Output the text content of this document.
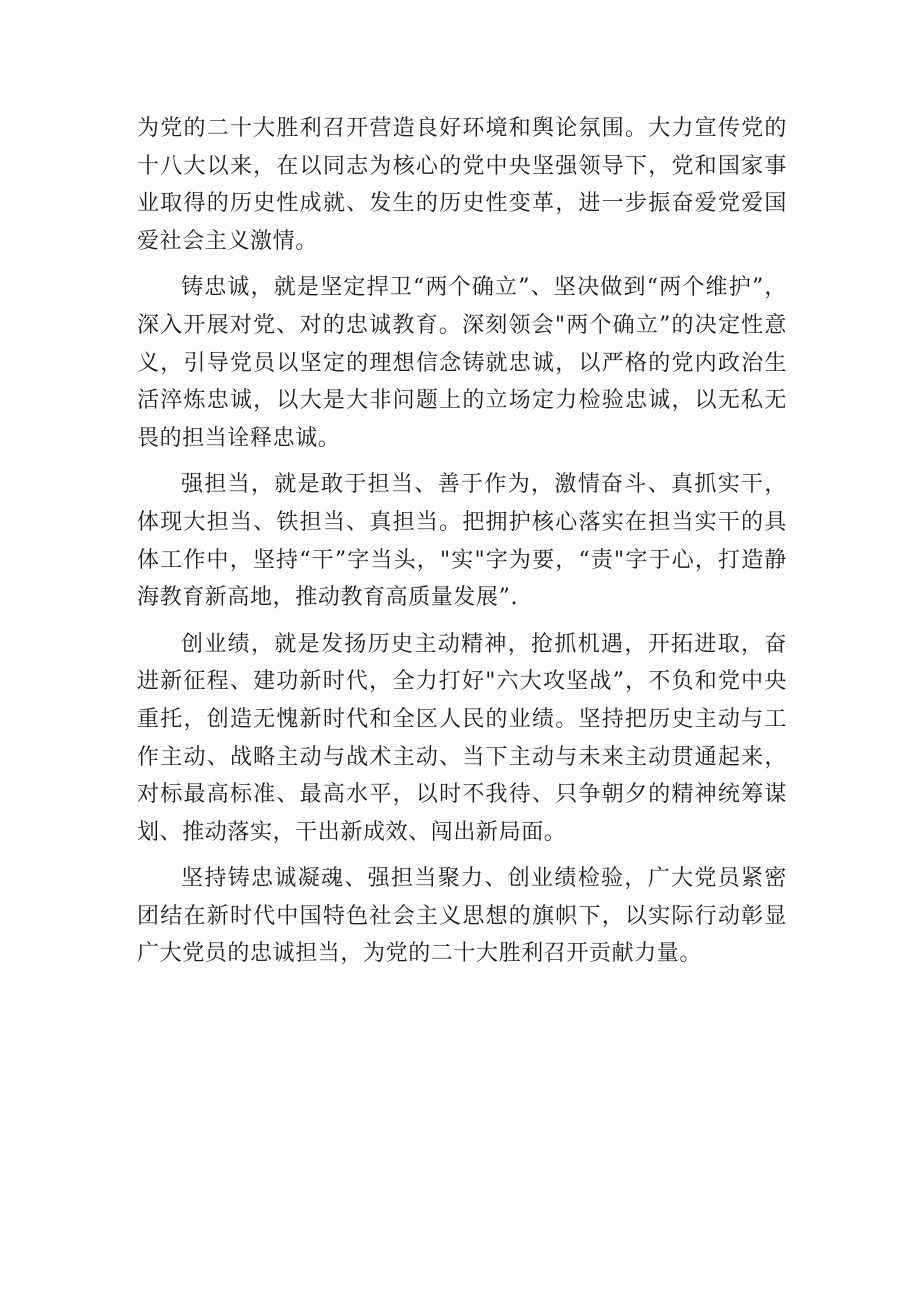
为党的二十大胜利召开营造良好环境和舆论氛围。大力宣传党的十八大以来，在以同志为核心的党中央坚强领导下，党和国家事业取得的历史性成就、发生的历史性变革，进一步振奋爱党爱国爱社会主义激情。

铸忠诚，就是坚定捍卫“两个确立”、坚决做到“两个维护”，深入开展对党、对的忠诚教育。深刻领会"两个确立”的决定性意义，引导党员以坚定的理想信念铸就忠诚，以严格的党内政治生活淬炼忠诚，以大是大非问题上的立场定力检验忠诚，以无私无畏的担当诠释忠诚。

强担当，就是敢于担当、善于作为，激情奋斗、真抓实干，体现大担当、铁担当、真担当。把拥护核心落实在担当实干的具体工作中，坚持“干”字当头，"实"字为要，“责"字于心，打造静海教育新高地，推动教育高质量发展”.

创业绩，就是发扬历史主动精神，抢抓机遇，开拓进取，奋进新征程、建功新时代，全力打好"六大攻坚战”，不负和党中央重托，创造无愧新时代和全区人民的业绩。坚持把历史主动与工作主动、战略主动与战术主动、当下主动与未来主动贯通起来，对标最高标准、最高水平，以时不我待、只争朝夕的精神统筹谋划、推动落实，干出新成效、闯出新局面。

坚持铸忠诚凝魂、强担当聚力、创业绩检验，广大党员紧密团结在新时代中国特色社会主义思想的旗帜下，以实际行动彰显广大党员的忠诚担当，为党的二十大胜利召开贡献力量。
